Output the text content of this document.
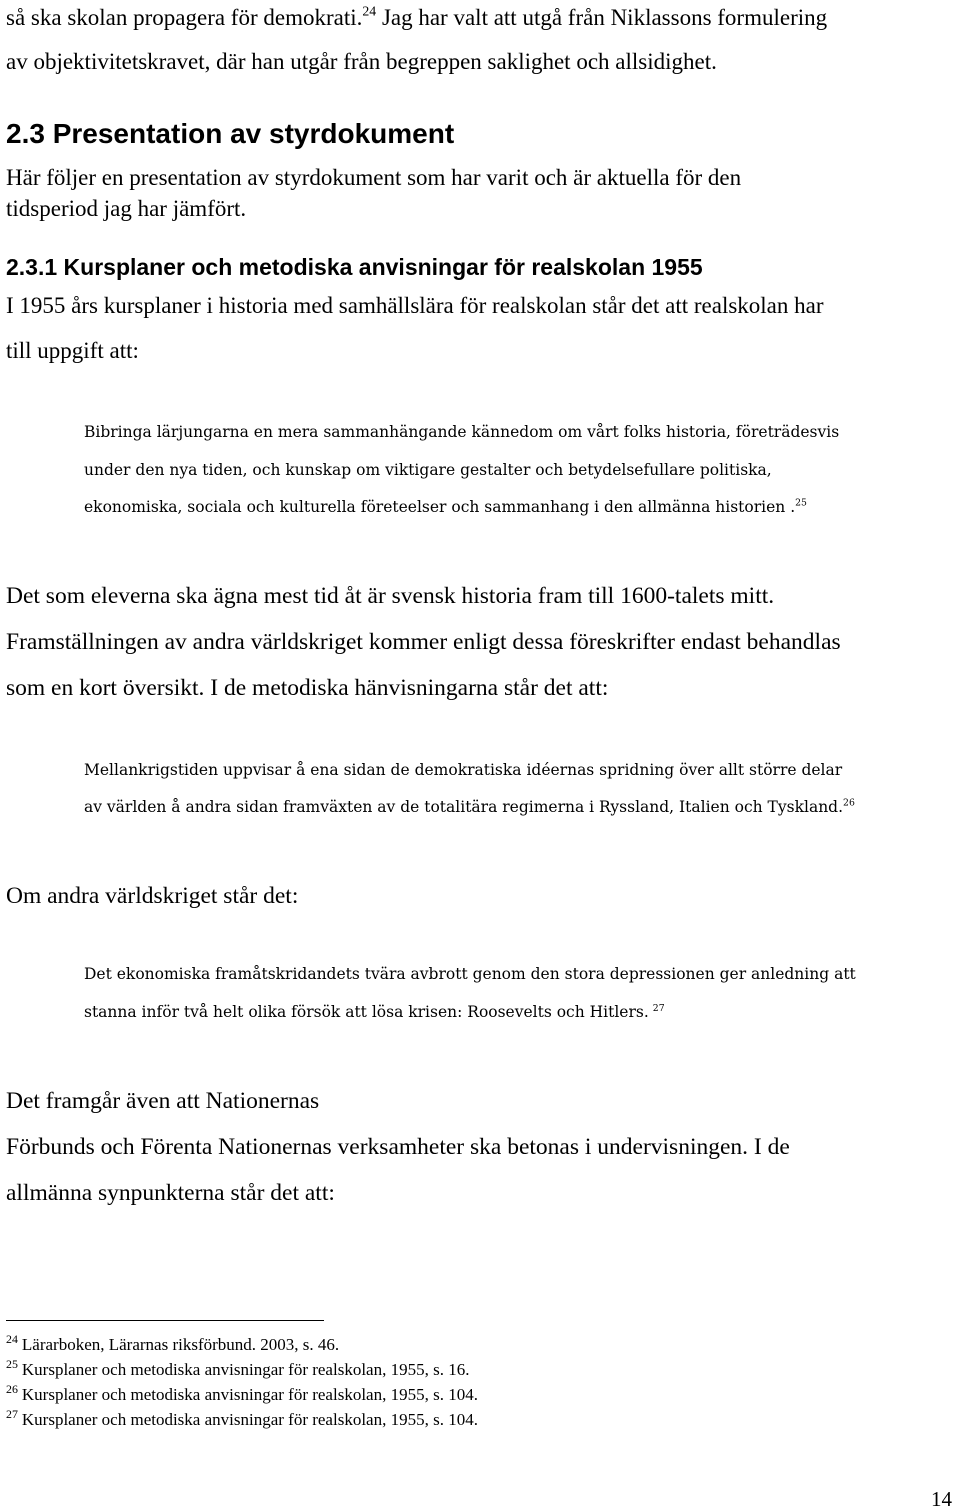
så ska skolan propagera för demokrati.$^{24}$ Jag har valt att utgå från Niklassons formulering
av objektivitetskravet, där han utgår från begreppen saklighet och allsidighet.
2.3 Presentation av styrdokument
Här följer en presentation av styrdokument som har varit och är aktuella för den
tidsperiod jag har jämfört.
2.3.1 Kursplaner och metodiska anvisningar för realskolan 1955
I 1955 års kursplaner i historia med samhällslära för realskolan står det att realskolan har
till uppgift att:
Bibringa lärjungarna en mera sammanhängande kännedom om vårt folks historia, företrädesvis
under den nya tiden, och kunskap om viktigare gestalter och betydelsefullare politiska,
ekonomiska, sociala och kulturella företeelser och sammanhang i den allmänna historien .$^{25}$
Det som eleverna ska ägna mest tid åt är svensk historia fram till 1600-talets mitt.
Framställningen av andra världskriget kommer enligt dessa föreskrifter endast behandlas
som en kort översikt. I de metodiska hänvisningarna står det att:
Mellankrigstiden uppvisar å ena sidan de demokratiska idéernas spridning över allt större delar
av världen å andra sidan framväxten av de totalitära regimerna i Ryssland, Italien och Tyskland.$^{26}$
Om andra världskriget står det:
Det ekonomiska framåtskridandets tvära avbrott genom den stora depressionen ger anledning att
stanna inför två helt olika försök att lösa krisen: Roosevelts och Hitlers. $^{27}$
Det framgår även att Nationernas
Förbunds och Förenta Nationernas verksamheter ska betonas i undervisningen. I de
allmänna synpunkterna står det att:
$^{24}$ Lärarboken, Lärarnas riksförbund. 2003, s. 46.
$^{25}$ Kursplaner och metodiska anvisningar för realskolan, 1955, s. 16.
$^{26}$ Kursplaner och metodiska anvisningar för realskolan, 1955, s. 104.
$^{27}$ Kursplaner och metodiska anvisningar för realskolan, 1955, s. 104.
14
